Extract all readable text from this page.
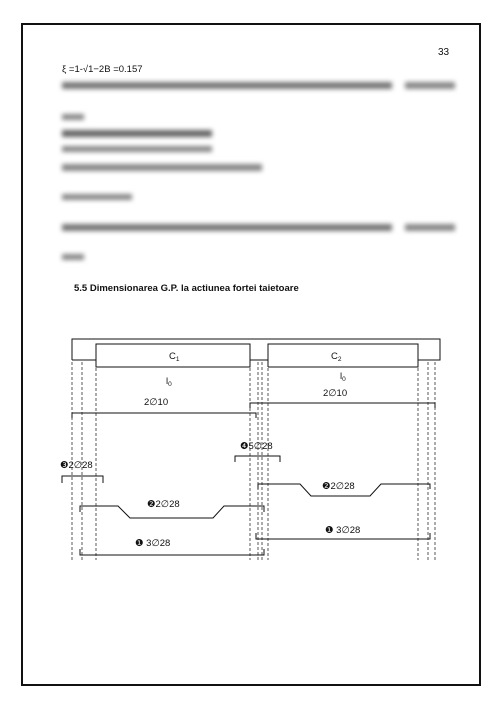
33
ξ =1-√1−2B =0.157
5.5 Dimensionarea G.P. la actiunea fortei taietoare
$C_1$	$C_2$
$l_0$
$l_0$
2∅10
2∅10
❹5∅28
❸2∅28
❷2∅28
❷2∅28
❶ 3∅28
❶ 3∅28
